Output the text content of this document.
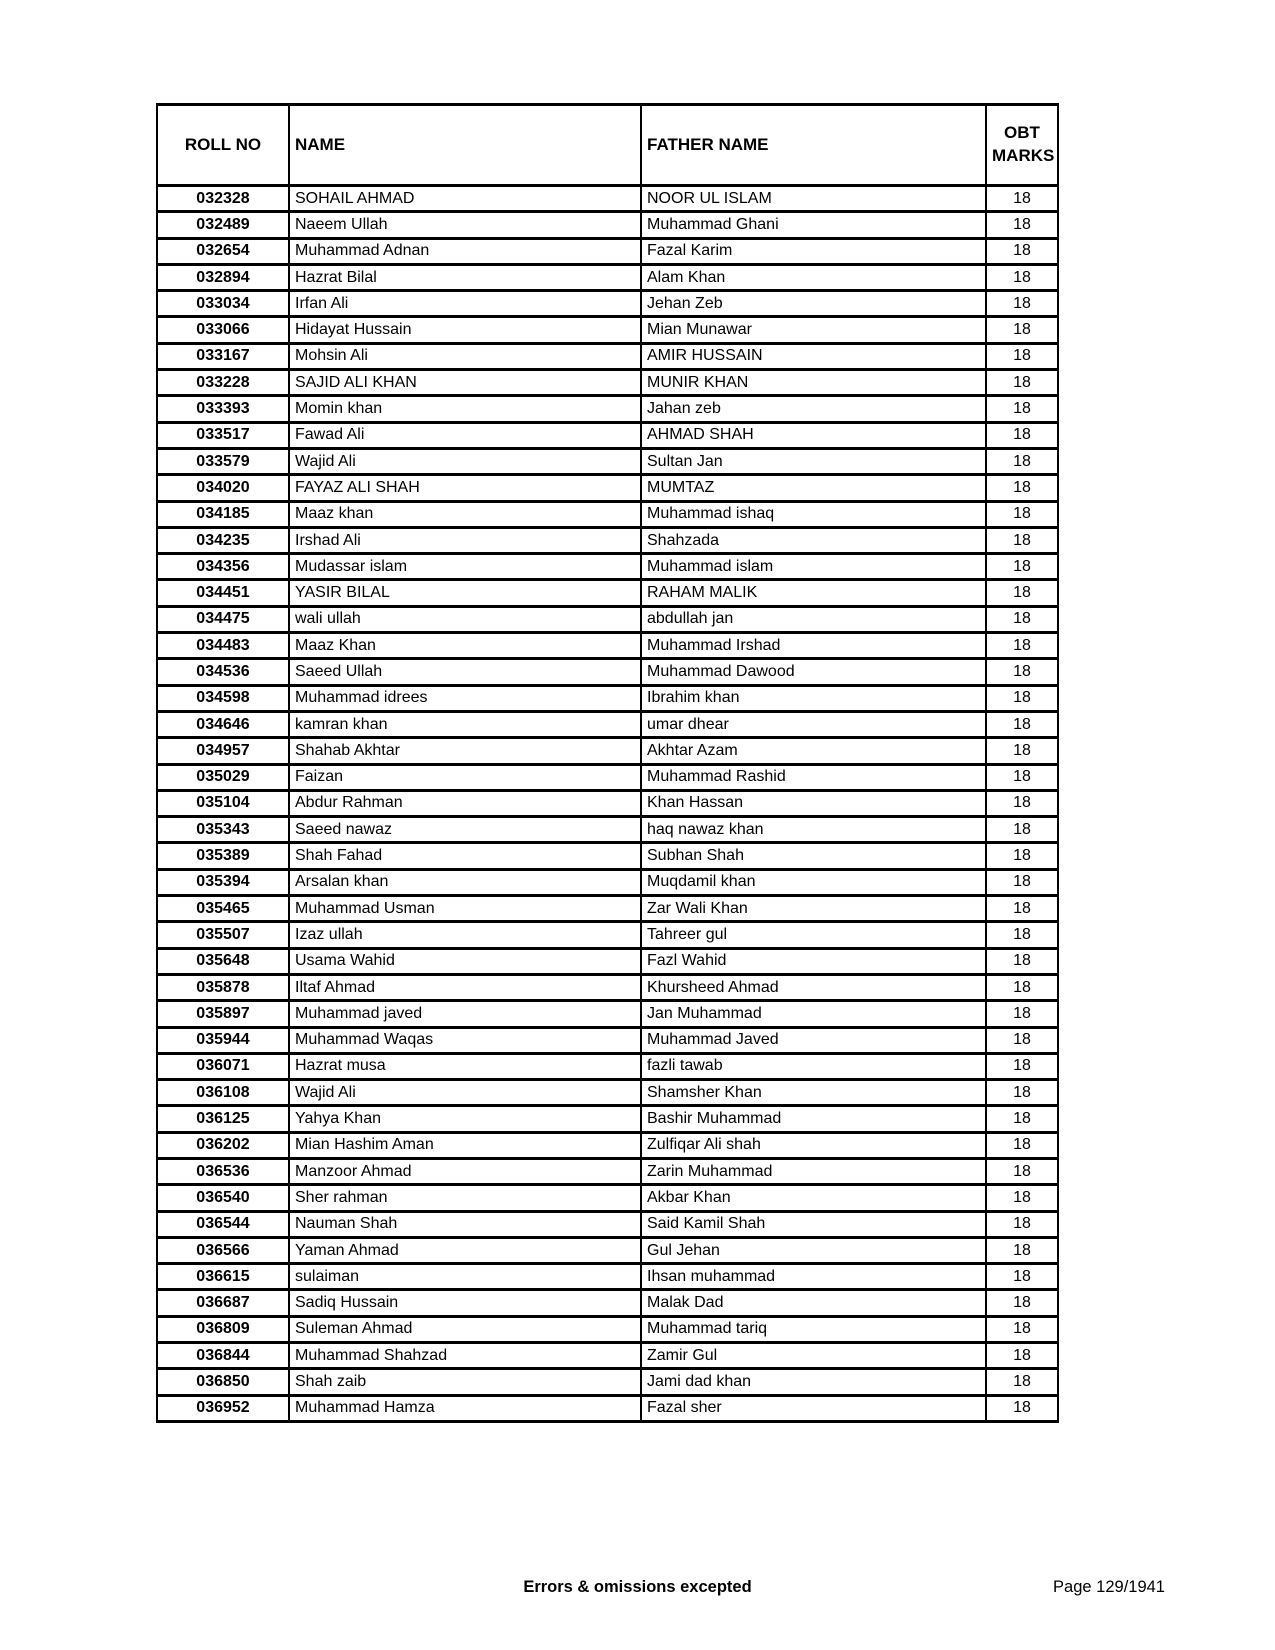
ROLL NO	NAME	FATHER NAME	OBT
MARKS
032328	SOHAIL AHMAD	NOOR UL ISLAM	18
032489	Naeem Ullah	Muhammad Ghani	18
032654	Muhammad Adnan	Fazal Karim	18
032894	Hazrat Bilal	Alam Khan	18
033034	Irfan Ali	Jehan Zeb	18
033066	Hidayat Hussain	Mian Munawar	18
033167	Mohsin Ali	AMIR HUSSAIN	18
033228	SAJID ALI KHAN	MUNIR KHAN	18
033393	Momin khan	Jahan zeb	18
033517	Fawad Ali	AHMAD SHAH	18
033579	Wajid Ali	Sultan Jan	18
034020	FAYAZ ALI SHAH	MUMTAZ	18
034185	Maaz khan	Muhammad ishaq	18
034235	Irshad Ali	Shahzada	18
034356	Mudassar islam	Muhammad islam	18
034451	YASIR BILAL	RAHAM MALIK	18
034475	wali ullah	abdullah jan	18
034483	Maaz Khan	Muhammad Irshad	18
034536	Saeed Ullah	Muhammad Dawood	18
034598	Muhammad idrees	Ibrahim khan	18
034646	kamran khan	umar dhear	18
034957	Shahab Akhtar	Akhtar Azam	18
035029	Faizan	Muhammad Rashid	18
035104	Abdur Rahman	Khan Hassan	18
035343	Saeed nawaz	haq nawaz khan	18
035389	Shah Fahad	Subhan Shah	18
035394	Arsalan khan	Muqdamil khan	18
035465	Muhammad Usman	Zar Wali Khan	18
035507	Izaz ullah	Tahreer gul	18
035648	Usama Wahid	Fazl Wahid	18
035878	Iltaf Ahmad	Khursheed Ahmad	18
035897	Muhammad javed	Jan Muhammad	18
035944	Muhammad Waqas	Muhammad Javed	18
036071	Hazrat musa	fazli tawab	18
036108	Wajid Ali	Shamsher Khan	18
036125	Yahya Khan	Bashir Muhammad	18
036202	Mian Hashim Aman	Zulfiqar Ali shah	18
036536	Manzoor Ahmad	Zarin Muhammad	18
036540	Sher rahman	Akbar Khan	18
036544	Nauman Shah	Said Kamil Shah	18
036566	Yaman Ahmad	Gul Jehan	18
036615	sulaiman	Ihsan muhammad	18
036687	Sadiq Hussain	Malak Dad	18
036809	Suleman Ahmad	Muhammad tariq	18
036844	Muhammad Shahzad	Zamir Gul	18
036850	Shah zaib	Jami dad khan	18
036952	Muhammad Hamza	Fazal sher	18
Errors & omissions excepted	Page 129/1941
